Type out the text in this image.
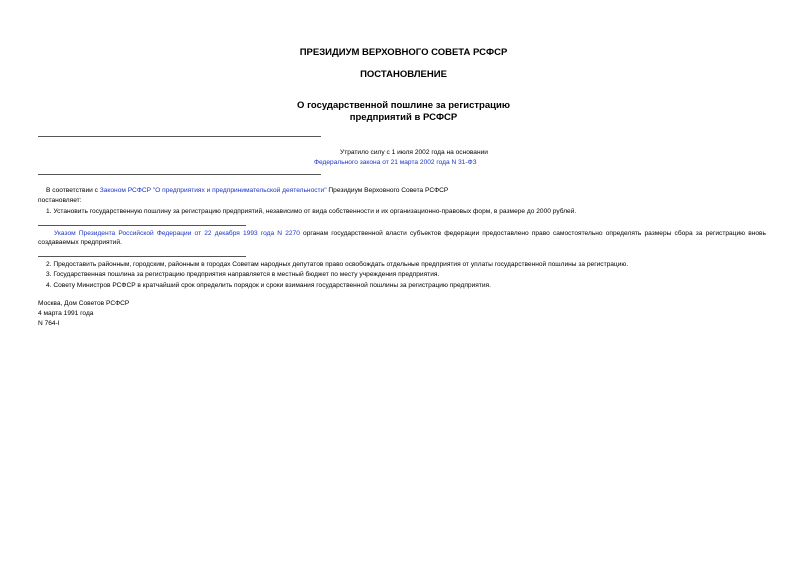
ПРЕЗИДИУМ ВЕРХОВНОГО СОВЕТА РСФСР
ПОСТАНОВЛЕНИЕ
О государственной пошлине за регистрацию
предприятий в РСФСР
Утратило силу с 1 июля 2002 года на основании
Федерального закона от 21 марта 2002 года N 31-ФЗ
В соответствии с Законом РСФСР "О предприятиях и предпринимательской деятельности" Президиум Верховного Совета РСФСР
постановляет:
1. Установить государственную пошлину за регистрацию предприятий, независимо от вида собственности и их организационно-правовых форм, в размере до 2000 рублей.
Указом Президента Российской Федерации от 22 декабря 1993 года N 2270 органам государственной власти субъектов федерации предоставлено право самостоятельно определять размеры сбора за регистрацию вновь создаваемых предприятий.
2. Предоставить районным, городским, районным в городах Советам народных депутатов право освобождать отдельные предприятия от уплаты государственной пошлины за регистрацию.
3. Государственная пошлина за регистрацию предприятия направляется в местный бюджет по месту учреждения предприятия.
4. Совету Министров РСФСР в кратчайший срок определить порядок и сроки взимания государственной пошлины за регистрацию предприятия.
Москва, Дом Советов РСФСР
4 марта 1991 года
N 764-I
